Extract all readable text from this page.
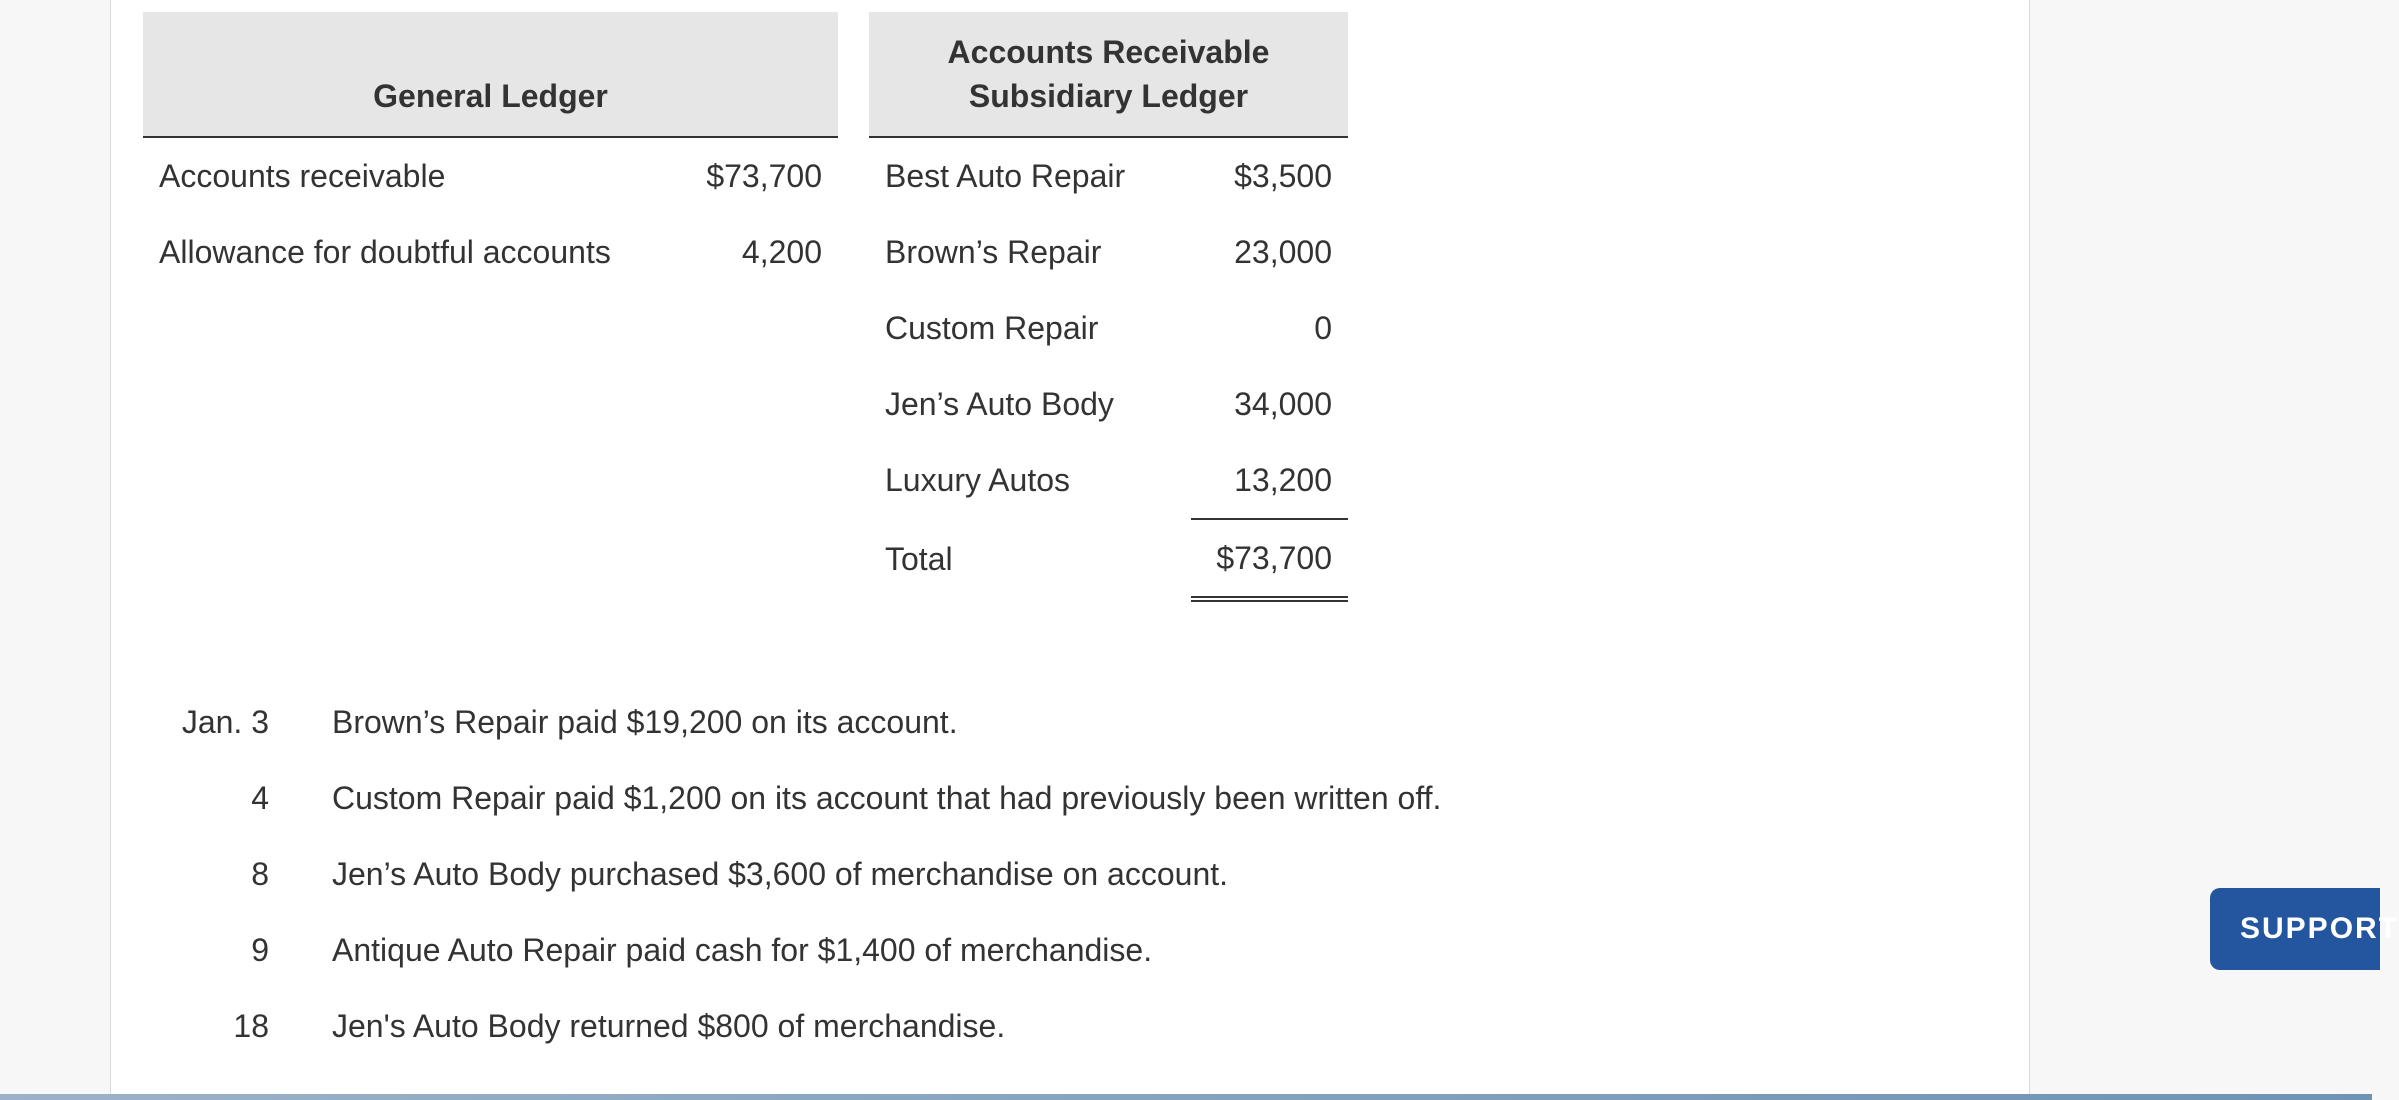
General Ledger	
Accounts receivable	$73,700
Allowance for doubtful accounts	4,200
Accounts Receivable
Subsidiary Ledger	
Best Auto Repair	$3,500
Brown’s Repair	23,000
Custom Repair	0
Jen’s Auto Body	34,000
Luxury Autos	13,200
Total	$73,700
Jan. 3 Brown’s Repair paid $19,200 on its account.
4 Custom Repair paid $1,200 on its account that had previously been written off.
8 Jen’s Auto Body purchased $3,600 of merchandise on account.
9 Antique Auto Repair paid cash for $1,400 of merchandise.
18 Jen's Auto Body returned $800 of merchandise.
SUPPORT
